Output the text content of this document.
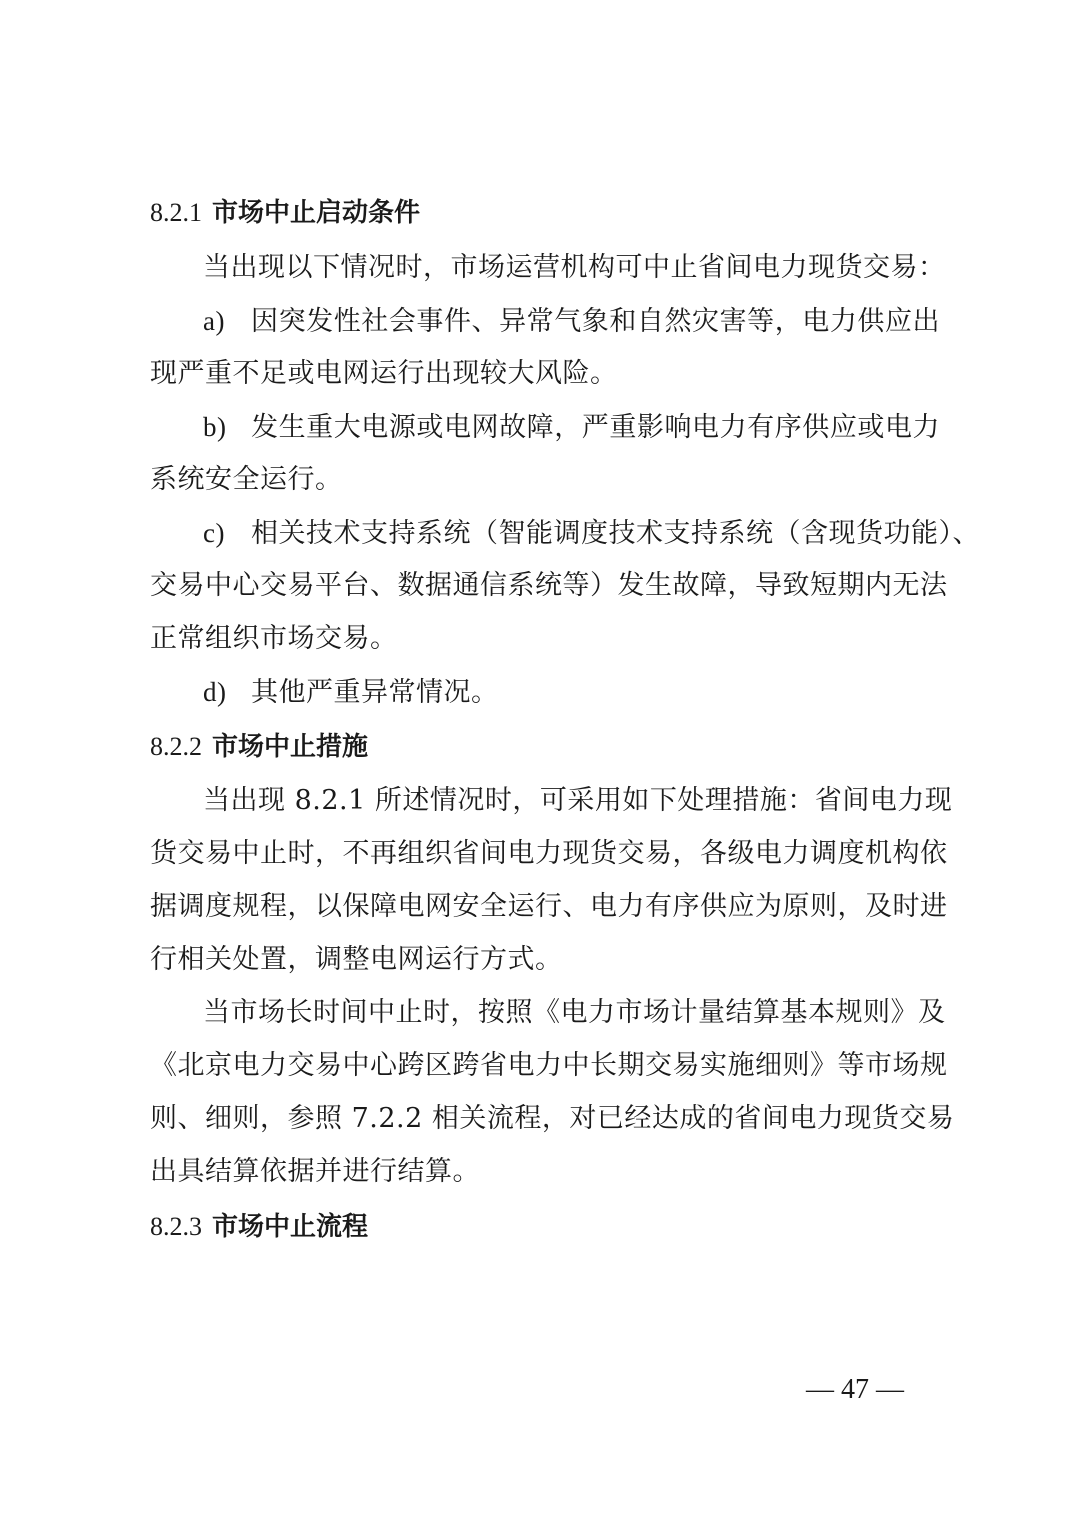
8.2.1 市场中止启动条件
当出现以下情况时，市场运营机构可中止省间电力现货交易：
a) 因突发性社会事件、异常气象和自然灾害等，电力供应出
现严重不足或电网运行出现较大风险。
b) 发生重大电源或电网故障，严重影响电力有序供应或电力
系统安全运行。
c) 相关技术支持系统（智能调度技术支持系统（含现货功能）、
交易中心交易平台、数据通信系统等）发生故障，导致短期内无法
正常组织市场交易。
d) 其他严重异常情况。
8.2.2 市场中止措施
当出现 8.2.1 所述情况时，可采用如下处理措施：省间电力现
货交易中止时，不再组织省间电力现货交易，各级电力调度机构依
据调度规程，以保障电网安全运行、电力有序供应为原则，及时进
行相关处置，调整电网运行方式。
当市场长时间中止时，按照《电力市场计量结算基本规则》及
《北京电力交易中心跨区跨省电力中长期交易实施细则》等市场规
则、细则，参照 7.2.2 相关流程，对已经达成的省间电力现货交易
出具结算依据并进行结算。
8.2.3 市场中止流程
— 47 —
